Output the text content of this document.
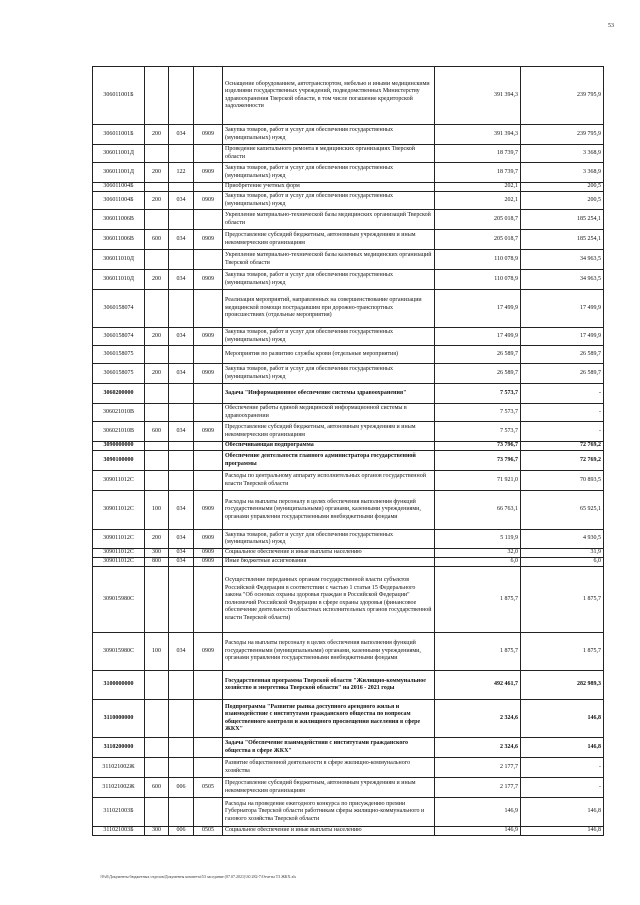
53
306011001Б				Оснащение оборудованием, автотранспортом, мебелью и иными медицинскими изделиями государственных учреждений, подведомственных Министерству здравоохранения Тверской области, в том числе погашение кредиторской задолженности	391 394,3	239 795,9
306011001Б	200	034	0909	Закупка товаров, работ и услуг для обеспечения государственных (муниципальных) нужд	391 394,3	239 795,9
306011001Д				Проведение капитального ремонта в медицинских организациях Тверской области	18 739,7	3 368,9
306011001Д	200	122	0909	Закупка товаров, работ и услуг для обеспечения государственных (муниципальных) нужд	18 739,7	3 368,9
306011004Б				Приобретение учетных форм	202,1	200,5
306011004Б	200	034	0909	Закупка товаров, работ и услуг для обеспечения государственных (муниципальных) нужд	202,1	200,5
306011006В				Укрепление материально-технической базы медицинских организаций Тверской области	205 018,7	185 254,1
306011006В	600	034	0909	Предоставление субсидий бюджетным, автономным учреждениям и иным некоммерческим организациям	205 018,7	185 254,1
306011010Д				Укрепление материально-технической базы казенных медицинских организаций Тверской области	110 078,9	34 963,5
306011010Д	200	034	0909	Закупка товаров, работ и услуг для обеспечения государственных (муниципальных) нужд	110 078,9	34 963,5
3060158074				Реализация мероприятий, направленных на совершенствование организации медицинской помощи пострадавшим при дорожно-транспортных происшествиях (отдельные мероприятия)	17 499,9	17 499,9
3060158074	200	034	0909	Закупка товаров, работ и услуг для обеспечения государственных (муниципальных) нужд	17 499,9	17 499,9
3060158075				Мероприятия по развитию службы крови (отдельные мероприятия)	26 589,7	26 589,7
3060158075	200	034	0909	Закупка товаров, работ и услуг для обеспечения государственных (муниципальных) нужд	26 589,7	26 589,7
3060200000				Задача "Информационное обеспечение системы здравоохранения"	7 573,7	-
306021010В				Обеспечение работы единой медицинской информационной системы в здравоохранении	7 573,7	-
306021010В	600	034	0909	Предоставление субсидий бюджетным, автономным учреждениям и иным некоммерческим организациям	7 573,7	-
3090000000				Обеспечивающая подпрограмма	73 796,7	72 769,2
3090100000				Обеспечение деятельности главного администратора государственной программы	73 796,7	72 769,2
309011012С				Расходы по центральному аппарату исполнительных органов государственной власти Тверской области	71 921,0	70 893,5
309011012С	100	034	0909	Расходы на выплаты персоналу в целях обеспечения выполнения функций государственными (муниципальными) органами, казенными учреждениями, органами управления государственными внебюджетными фондами	66 763,1	65 925,1
309011012С	200	034	0909	Закупка товаров, работ и услуг для обеспечения государственных (муниципальных) нужд	5 119,9	4 930,5
309011012С	300	034	0909	Социальное обеспечение и иные выплаты населению	32,0	31,9
309011012С	800	034	0909	Иные бюджетные ассигнования	6,0	6,0
309015980С				Осуществление переданных органам государственной власти субъектов Российской Федерации в соответствии с частью 1 статьи 15 Федерального закона "Об основах охраны здоровья граждан в Российской Федерации" полномочий Российской Федерации в сфере охраны здоровья (финансовое обеспечение деятельности областных исполнительных органов государственной власти Тверской области)	1 875,7	1 875,7
309015980С	100	034	0909	Расходы на выплаты персоналу в целях обеспечения выполнения функций государственными (муниципальными) органами, казенными учреждениями, органами управления государственными внебюджетными фондами	1 875,7	1 875,7
3100000000				Государственная программа Тверской области "Жилищно-коммунальное хозяйство и энергетика Тверской области" на 2016 - 2021 годы	492 461,7	282 989,3
3110000000				Подпрограмма "Развитие рынка доступного арендного жилья и взаимодействие с институтами гражданского общества по вопросам общественного контроля и жилищного просвещения населения в сфере ЖКХ"	2 324,6	146,8
3110200000				Задача "Обеспечение взаимодействия с институтами гражданского общества в сфере ЖКХ"	2 324,6	146,8
311021002Ж				Развитие общественной деятельности в сфере жилищно-коммунального хозяйства	2 177,7	-
311021002Ж	600	006	0505	Предоставление субсидий бюджетным, автономным учреждениям и иным некоммерческим организациям	2 177,7	-
311021003Б				Расходы на проведение ежегодного конкурса по присуждению премии Губернатора Тверской области работникам сферы жилищно-коммунального и газового хозяйства Тверской области	146,9	146,8
311021003Б	300	006	0505	Социальное обеспечение и иные выплаты населению	146,9	146,8
\\Fs0\Документы бюджетных отделов\Документы комитета\53 заседание (07.07.2021)\30 282-7\Отчеты Т3 ЖКХ.xls
